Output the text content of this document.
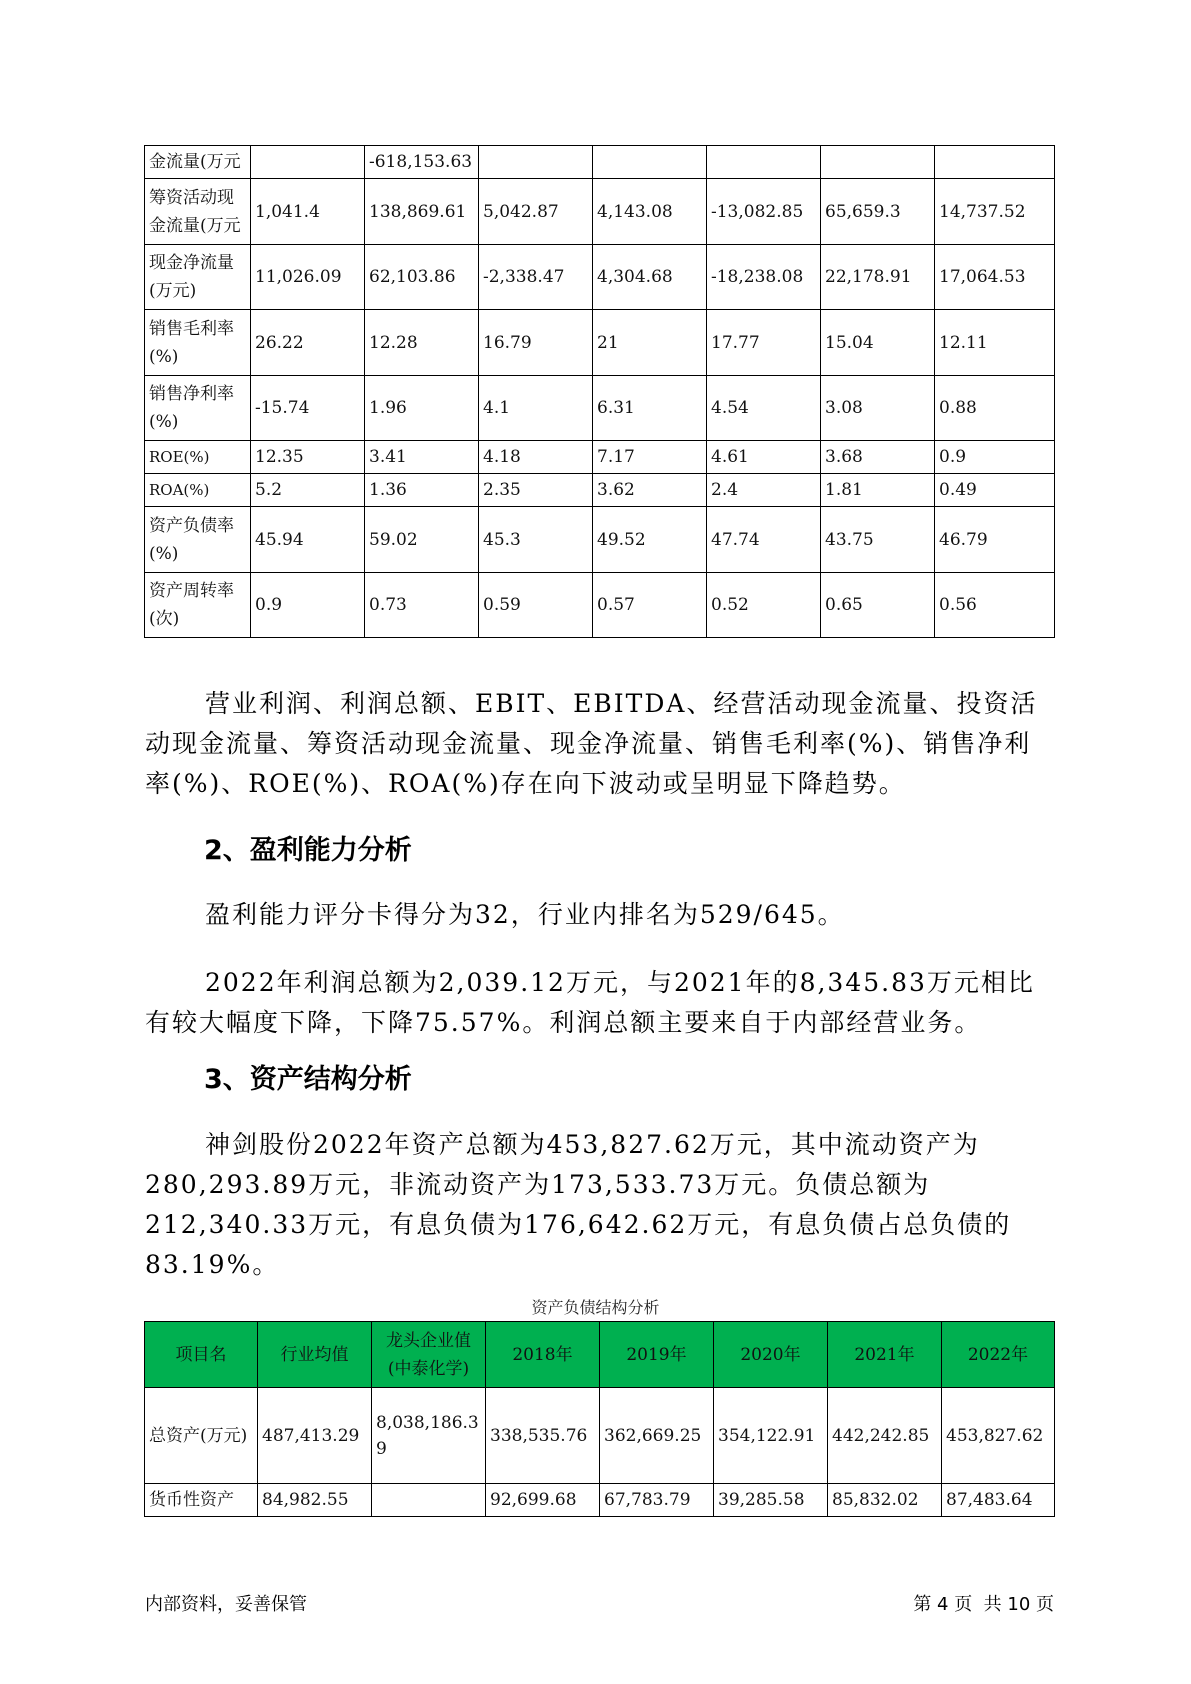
金流量(万元		-618,153.63					
筹资活动现金流量(万元	1,041.4	138,869.61	5,042.87	4,143.08	-13,082.85	65,659.3	14,737.52
现金净流量(万元)	11,026.09	62,103.86	-2,338.47	4,304.68	-18,238.08	22,178.91	17,064.53
销售毛利率(%)	26.22	12.28	16.79	21	17.77	15.04	12.11
销售净利率(%)	-15.74	1.96	4.1	6.31	4.54	3.08	0.88
ROE(%)	12.35	3.41	4.18	7.17	4.61	3.68	0.9
ROA(%)	5.2	1.36	2.35	3.62	2.4	1.81	0.49
资产负债率(%)	45.94	59.02	45.3	49.52	47.74	43.75	46.79
资产周转率(次)	0.9	0.73	0.59	0.57	0.52	0.65	0.56

营业利润、利润总额、EBIT、EBITDA、经营活动现金流量、投资活动现金流量、筹资活动现金流量、现金净流量、销售毛利率(%)、销售净利率(%)、ROE(%)、ROA(%)存在向下波动或呈明显下降趋势。

2、盈利能力分析

盈利能力评分卡得分为32，行业内排名为529/645。

2022年利润总额为2,039.12万元，与2021年的8,345.83万元相比有较大幅度下降，下降75.57%。利润总额主要来自于内部经营业务。

3、资产结构分析

神剑股份2022年资产总额为453,827.62万元，其中流动资产为280,293.89万元，非流动资产为173,533.73万元。负债总额为212,340.33万元，有息负债为176,642.62万元，有息负债占总负债的83.19%。

资产负债结构分析

项目名	行业均值	龙头企业值(中泰化学)	2018年	2019年	2020年	2021年	2022年
总资产(万元)	487,413.29	8,038,186.39	338,535.76	362,669.25	354,122.91	442,242.85	453,827.62
货币性资产	84,982.55		92,699.68	67,783.79	39,285.58	85,832.02	87,483.64

内部资料，妥善保管	第 4 页  共 10 页
